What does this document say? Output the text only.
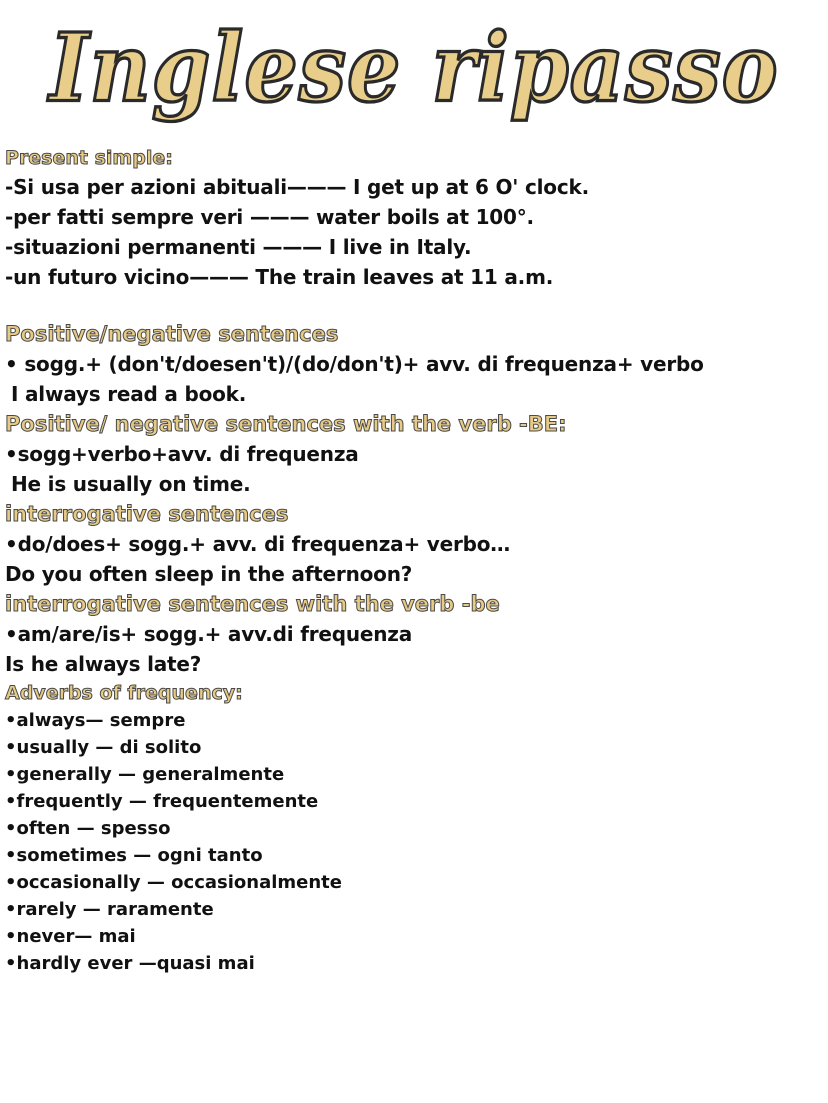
Inglese ripasso

Present simple:

-Si usa per azioni abituali——— I get up at 6 O' clock.

-per fatti sempre veri ——— water boils at 100°.

-situazioni permanenti ——— I live in Italy.

-un futuro vicino——— The train leaves at 11 a.m.

Positive/negative sentences

• sogg.+ (don't/doesen't)/(do/don't)+ avv. di frequenza+ verbo

I always read a book.

Positive/ negative sentences with the verb -BE:

•sogg+verbo+avv. di frequenza

He is usually on time.

interrogative sentences

•do/does+ sogg.+ avv. di frequenza+ verbo…

Do you often sleep in the afternoon?

interrogative sentences with the verb -be

•am/are/is+ sogg.+ avv.di frequenza

Is he always late?

Adverbs of frequency:

•always— sempre

•usually — di solito

•generally — generalmente

•frequently — frequentemente

•often — spesso

•sometimes — ogni tanto

•occasionally — occasionalmente

•rarely — raramente

•never— mai

•hardly ever —quasi mai
